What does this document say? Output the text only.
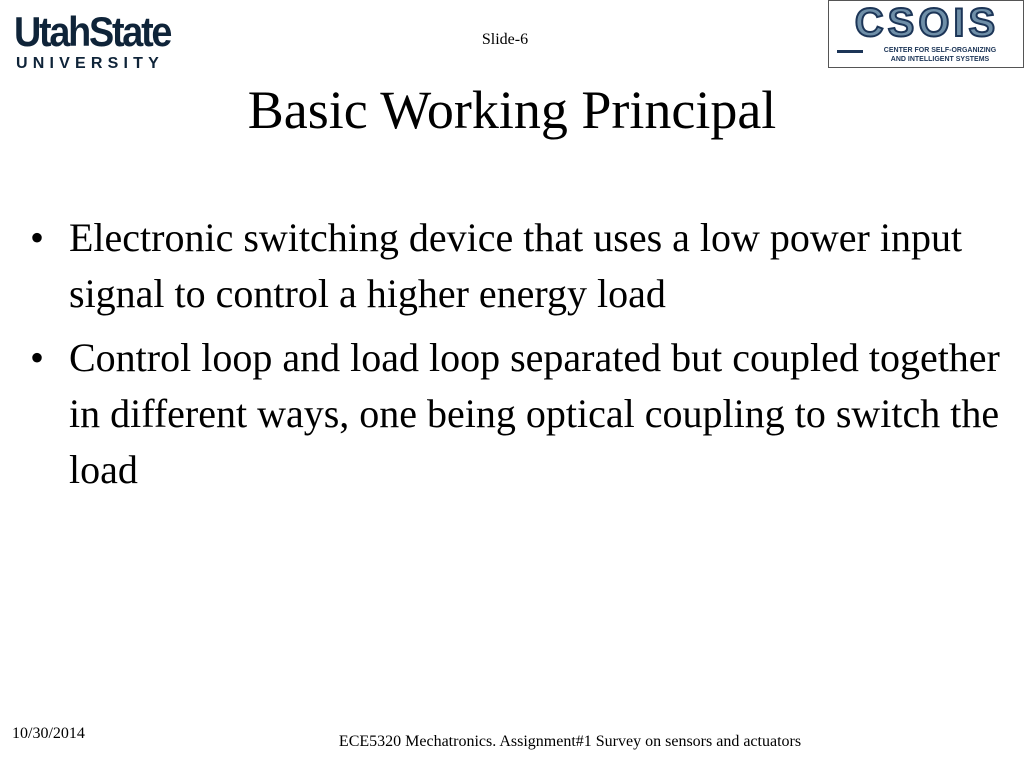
UtahState
UNIVERSITY
Slide-6	CSOIS
CENTER FOR SELF-ORGANIZING
AND INTELLIGENT SYSTEMS
Basic Working Principal
• Electronic switching device that uses a low power input signal to control a higher energy load
• Control loop and load loop separated but coupled together in different ways, one being optical coupling to switch the load
10/30/2014	ECE5320 Mechatronics. Assignment#1 Survey on sensors and actuators
